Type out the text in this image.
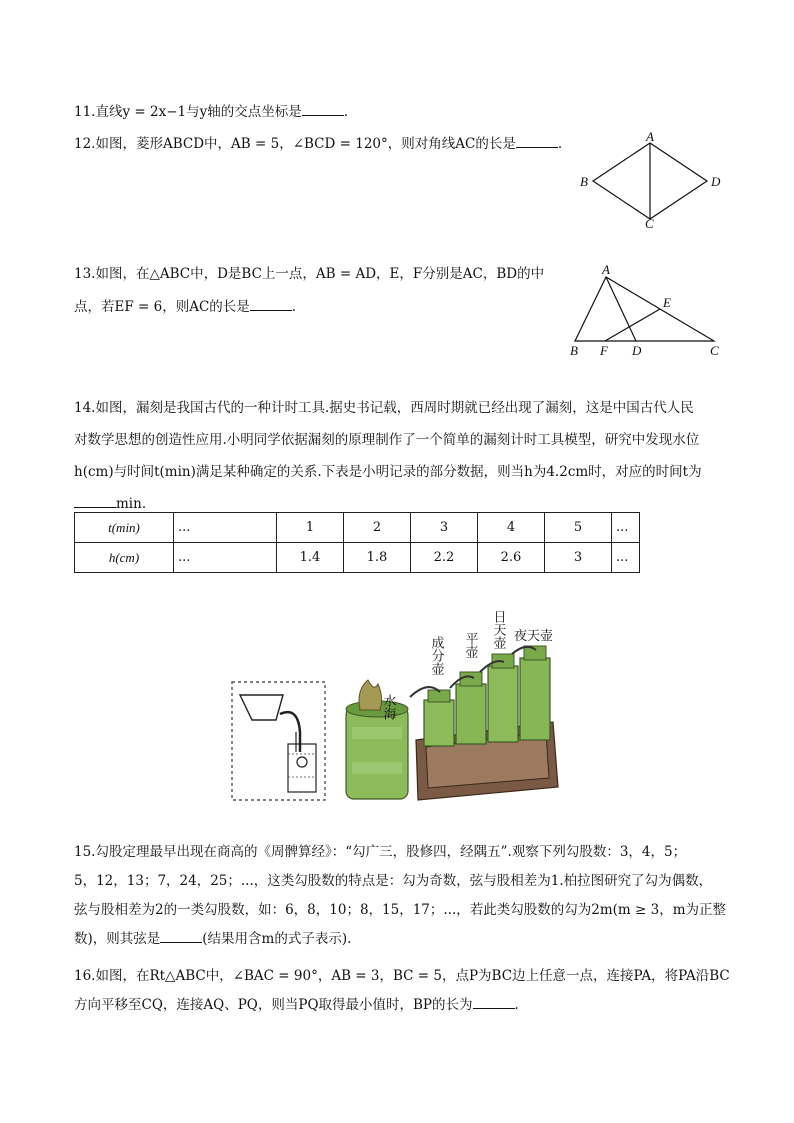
11.直线y = 2x−1与y轴的交点坐标是	.
12.如图，菱形ABCD中，AB = 5，∠BCD = 120°，则对角线AC的长是	.	A
B
C
D
13.如图，在△ABC中，D是BC上一点，AB = AD，E，F分别是AC，BD的中
点，若EF = 6，则AC的长是	.
A
B F D	C
E
14.如图，漏刻是我国古代的一种计时工具.据史书记载，西周时期就已经出现了漏刻，这是中国古代人民
对数学思想的创造性应用.小明同学依据漏刻的原理制作了一个简单的漏刻计时工具模型，研究中发现水位
h(cm)与时间t(min)满足某种确定的关系.下表是小明记录的部分数据，则当h为4.2cm时，对应的时间t为
min.
t(min)	...	1	2	3	4	5	...
h(cm)	...	1.4	1.8	2.2	2.6	3	...
水海
成分壶 平壶 日天壶 夜天壶
15.勾股定理最早出现在商高的《周髀算经》：“勾广三，股修四，经隅五”.观察下列勾股数：3，4，5；
5，12，13；7，24，25；...，这类勾股数的特点是：勾为奇数，弦与股相差为1.柏拉图研究了勾为偶数，
弦与股相差为2的一类勾股数，如：6，8，10；8，15，17；...，若此类勾股数的勾为2m(m ≥ 3，m为正整
数)，则其弦是	(结果用含m的式子表示).
16.如图，在Rt△ABC中，∠BAC = 90°，AB = 3，BC = 5，点P为BC边上任意一点，连接PA，将PA沿BC
方向平移至CQ，连接AQ、PQ，则当PQ取得最小值时，BP的长为	.
